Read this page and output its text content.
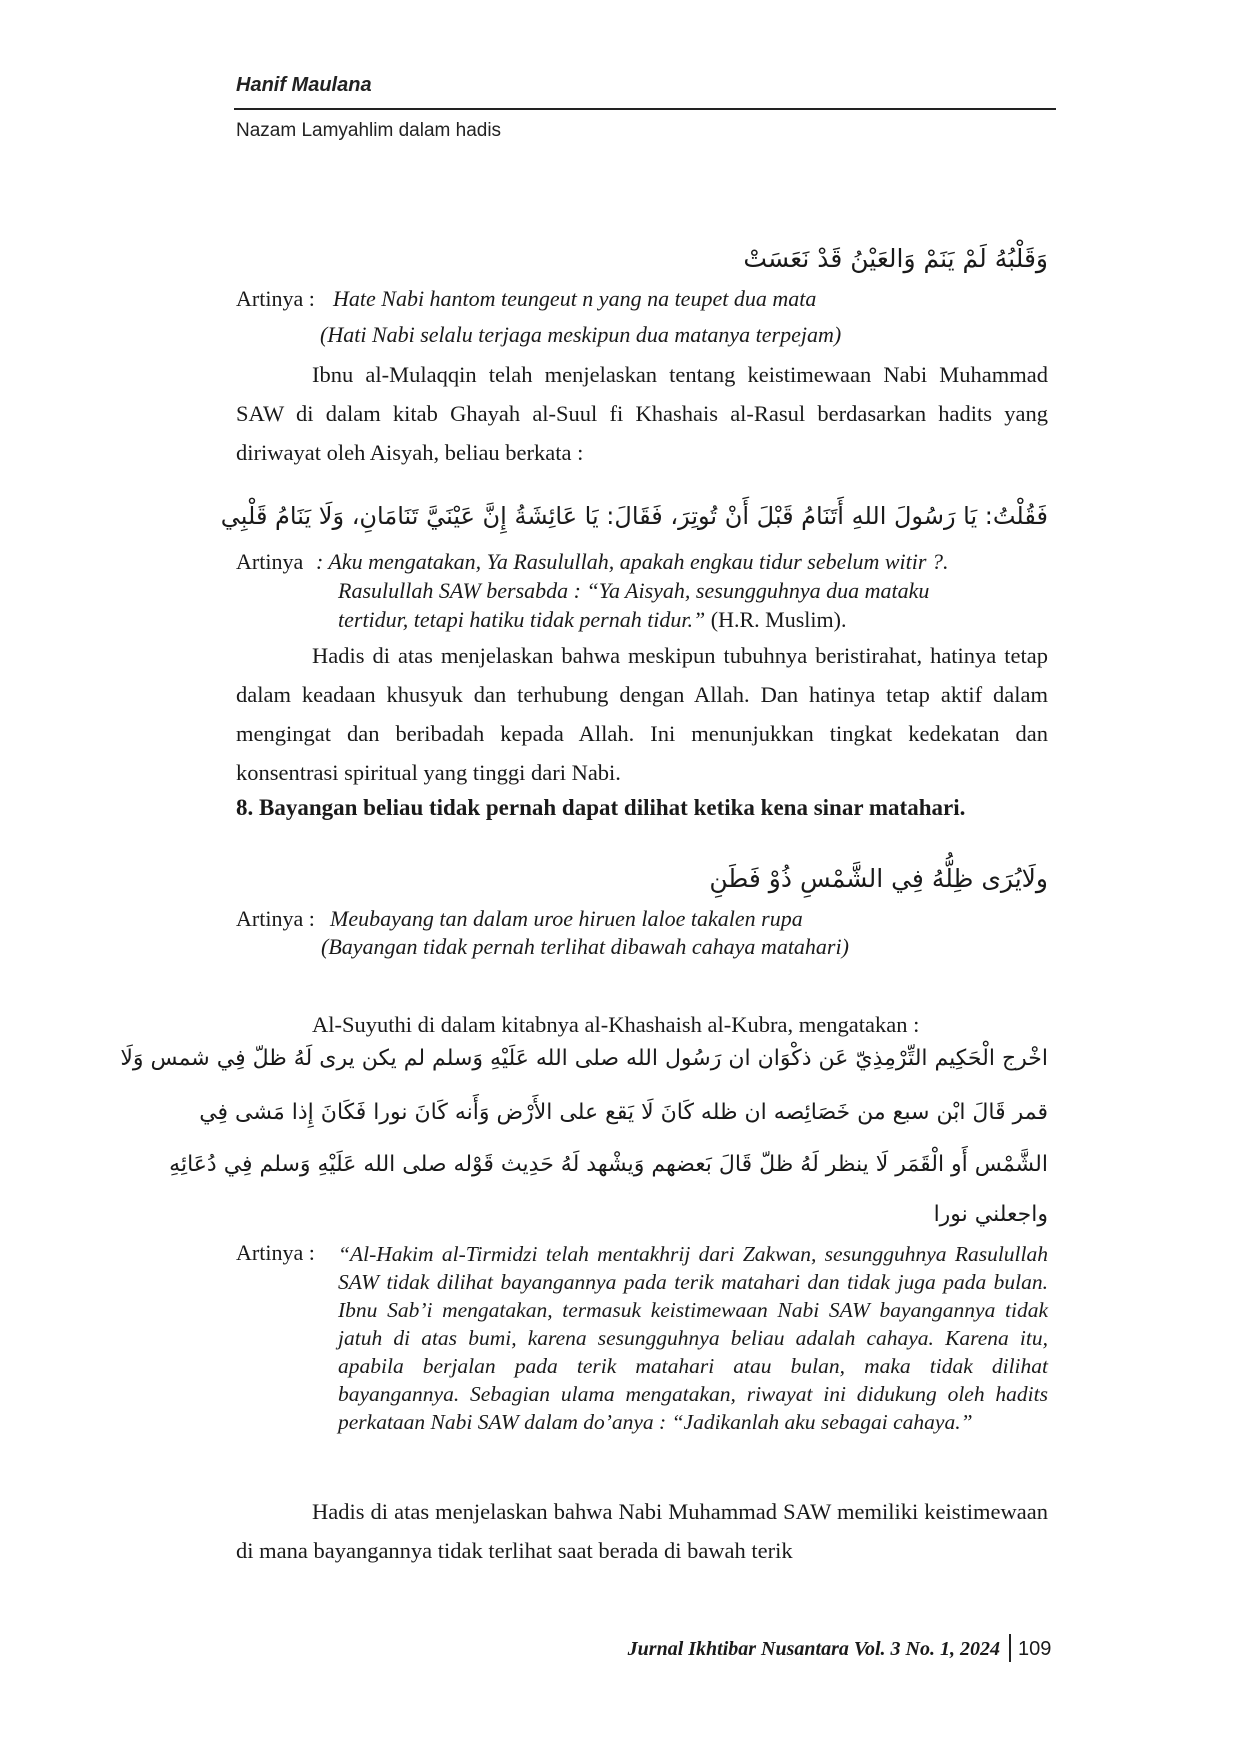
Hanif Maulana
Nazam Lamyahlim dalam hadis
وَقَلْبُهُ لَمْ يَنَمْ وَالعَيْنُ قَدْ نَعَسَتْ
Artinya : Hate Nabi hantom teungeut n yang na teupet dua mata
(Hati Nabi selalu terjaga meskipun dua matanya terpejam)
Ibnu al-Mulaqqin telah menjelaskan tentang keistimewaan Nabi Muhammad SAW di dalam kitab Ghayah al-Suul fi Khashais al-Rasul berdasarkan hadits yang diriwayat oleh Aisyah, beliau berkata :
فَقُلْتُ: يَا رَسُولَ اللهِ أَتَنَامُ قَبْلَ أَنْ تُوتِرَ، فَقَالَ: يَا عَائِشَةُ إِنَّ عَيْنَيَّ تَنَامَانِ، وَلَا يَنَامُ قَلْبِي
Artinya : Aku mengatakan, Ya Rasulullah, apakah engkau tidur sebelum witir ?.
Rasulullah SAW bersabda : “Ya Aisyah, sesungguhnya dua mataku
tertidur, tetapi hatiku tidak pernah tidur.” (H.R. Muslim).
Hadis di atas menjelaskan bahwa meskipun tubuhnya beristirahat, hatinya tetap dalam keadaan khusyuk dan terhubung dengan Allah. Dan hatinya tetap aktif dalam mengingat dan beribadah kepada Allah. Ini menunjukkan tingkat kedekatan dan konsentrasi spiritual yang tinggi dari Nabi.
8. Bayangan beliau tidak pernah dapat dilihat ketika kena sinar matahari.
ولَايُرَى ظِلُّهُ فِي الشَّمْسِ ذُوْ فَطَنِ
Artinya : Meubayang tan dalam uroe hiruen laloe takalen rupa
(Bayangan tidak pernah terlihat dibawah cahaya matahari)
Al-Suyuthi di dalam kitabnya al-Khashaish al-Kubra, mengatakan :
اخْرج الْحَكِيم التِّرْمِذِيّ عَن ذكْوَان ان رَسُول الله صلى الله عَلَيْهِ وَسلم لم يكن يرى لَهُ ظلّ فِي شمس وَلَا
قمر قَالَ ابْن سبع من خَصَائِصه ان ظله كَانَ لَا يَقع على الأَرْض وَأَنه كَانَ نورا فَكَانَ إِذا مَشى فِي
الشَّمْس أَو الْقَمَر لَا ينظر لَهُ ظلّ قَالَ بَعضهم وَيشْهد لَهُ حَدِيث قَوْله صلى الله عَلَيْهِ وَسلم فِي دُعَائِهِ
واجعلني نورا
Artinya : “Al-Hakim al-Tirmidzi telah mentakhrij dari Zakwan, sesungguhnya Rasulullah SAW tidak dilihat bayangannya pada terik matahari dan tidak juga pada bulan. Ibnu Sab’i mengatakan, termasuk keistimewaan Nabi SAW bayangannya tidak jatuh di atas bumi, karena sesungguhnya beliau adalah cahaya. Karena itu, apabila berjalan pada terik matahari atau bulan, maka tidak dilihat bayangannya. Sebagian ulama mengatakan, riwayat ini didukung oleh hadits perkataan Nabi SAW dalam do’anya : “Jadikanlah aku sebagai cahaya.”
Hadis di atas menjelaskan bahwa Nabi Muhammad SAW memiliki keistimewaan di mana bayangannya tidak terlihat saat berada di bawah terik
Jurnal Ikhtibar Nusantara Vol. 3 No. 1, 2024 109
